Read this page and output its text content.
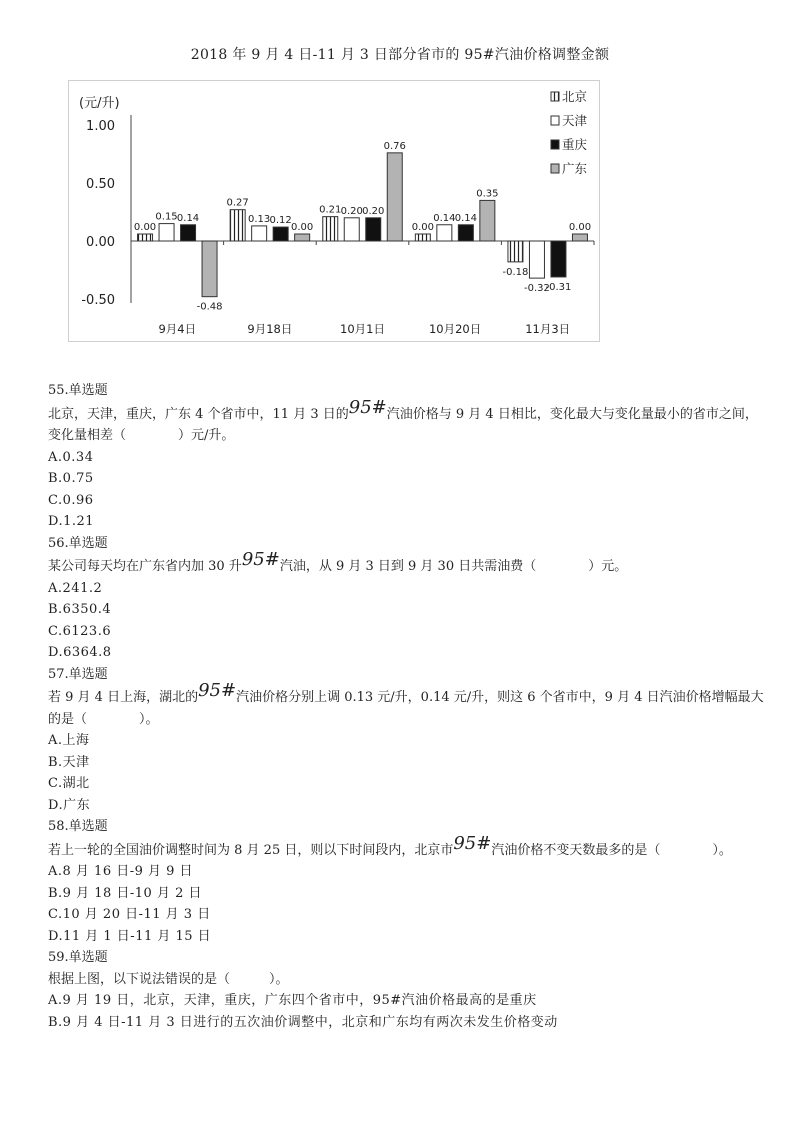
2018 年 9 月 4 日-11 月 3 日部分省市的 95#汽油价格调整金额
(元/升)
1.00
0.50
0.00
-0.50
9月4日
0.00
0.15 0.14
-0.48
9月18日
0.27
0.13 0.12
0.00
10月1日
0.21 0.20 0.20
0.76
10月20日
0.00
0.14 0.14
0.35
11月3日
-0.18
-0.32
-0.31
0.00
北京
天津
重庆
广东

55.单选题

北京，天津，重庆，广东 4 个省市中，11 月 3 日的95#汽油价格与 9 月 4 日相比，变化最大与变化量最小的省市之间，变化量相差（　　　　）元/升。

A.0.34

B.0.75

C.0.96

D.1.21

56.单选题

某公司每天均在广东省内加 30 升95#汽油，从 9 月 3 日到 9 月 30 日共需油费（　　　　）元。

A.241.2

B.6350.4

C.6123.6

D.6364.8

57.单选题

若 9 月 4 日上海，湖北的95#汽油价格分别上调 0.13 元/升，0.14 元/升，则这 6 个省市中，9 月 4 日汽油价格增幅最大的是（　　　　）。

A.上海

B.天津

C.湖北

D.广东

58.单选题

若上一轮的全国油价调整时间为 8 月 25 日，则以下时间段内，北京市95#汽油价格不变天数最多的是（　　　　）。

A.8 月 16 日-9 月 9 日

B.9 月 18 日-10 月 2 日

C.10 月 20 日-11 月 3 日

D.11 月 1 日-11 月 15 日

59.单选题

根据上图，以下说法错误的是（　　　）。

A.9 月 19 日，北京，天津，重庆，广东四个省市中，95#汽油价格最高的是重庆

B.9 月 4 日-11 月 3 日进行的五次油价调整中，北京和广东均有两次未发生价格变动
